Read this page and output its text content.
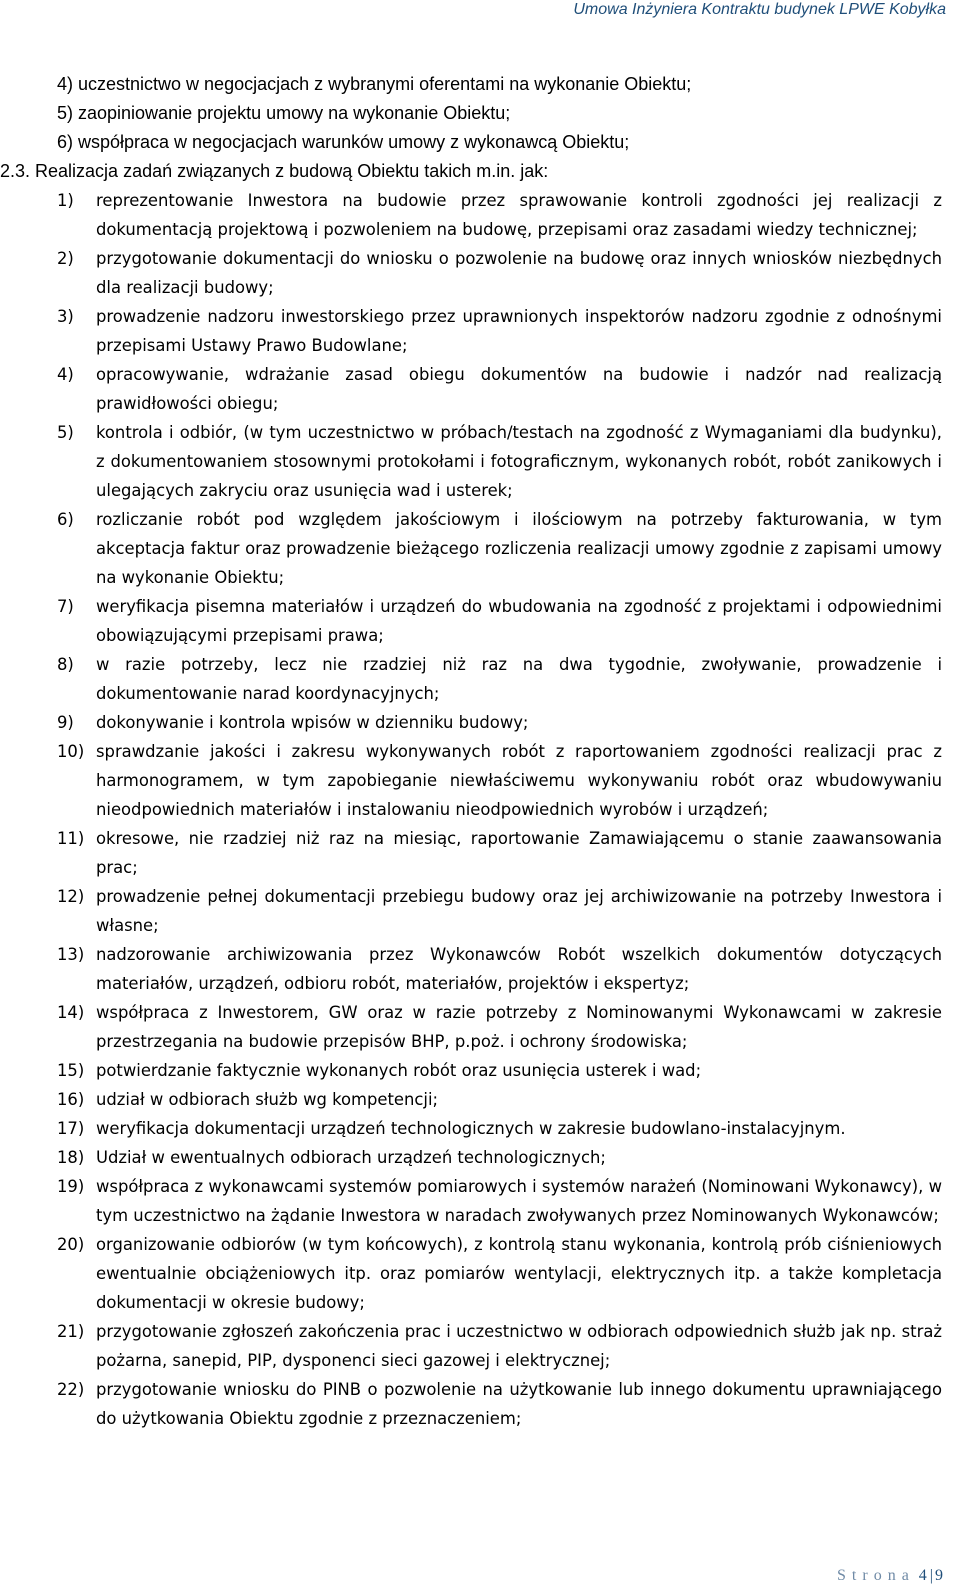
Umowa Inżyniera Kontraktu budynek LPWE Kobyłka
4) uczestnictwo w negocjacjach z wybranymi oferentami na wykonanie Obiektu;
5) zaopiniowanie projektu umowy na wykonanie Obiektu;
6) współpraca w negocjacjach warunków umowy z wykonawcą Obiektu;
2.3. Realizacja zadań związanych z budową Obiektu takich m.in. jak:
1)	reprezentowanie Inwestora na budowie przez sprawowanie kontroli zgodności jej realizacji z dokumentacją projektową i pozwoleniem na budowę, przepisami oraz zasadami wiedzy technicznej;
2)	przygotowanie dokumentacji do wniosku o pozwolenie na budowę oraz innych wniosków niezbędnych dla realizacji budowy;
3)	prowadzenie nadzoru inwestorskiego przez uprawnionych inspektorów nadzoru zgodnie z odnośnymi przepisami Ustawy Prawo Budowlane;
4)	opracowywanie, wdrażanie zasad obiegu dokumentów na budowie i nadzór nad realizacją prawidłowości obiegu;
5)	kontrola i odbiór, (w tym uczestnictwo w próbach/testach na zgodność z Wymaganiami dla budynku), z dokumentowaniem stosownymi protokołami i fotograficznym, wykonanych robót, robót zanikowych i ulegających zakryciu oraz usunięcia wad i usterek;
6)	rozliczanie robót pod względem jakościowym i ilościowym na potrzeby fakturowania, w tym akceptacja faktur oraz prowadzenie bieżącego rozliczenia realizacji umowy zgodnie z zapisami umowy na wykonanie Obiektu;
7)	weryfikacja pisemna materiałów i urządzeń do wbudowania na zgodność z projektami i odpowiednimi obowiązującymi przepisami prawa;
8)	w razie potrzeby, lecz nie rzadziej niż raz na dwa tygodnie, zwoływanie, prowadzenie i dokumentowanie narad koordynacyjnych;
9)	dokonywanie i kontrola wpisów w dzienniku budowy;
10) sprawdzanie jakości i zakresu wykonywanych robót z raportowaniem zgodności realizacji prac z harmonogramem, w tym zapobieganie niewłaściwemu wykonywaniu robót oraz wbudowywaniu nieodpowiednich materiałów i instalowaniu nieodpowiednich wyrobów i urządzeń;
11) okresowe, nie rzadziej niż raz na miesiąc, raportowanie Zamawiającemu o stanie zaawansowania prac;
12) prowadzenie pełnej dokumentacji przebiegu budowy oraz jej archiwizowanie na potrzeby Inwestora i własne;
13) nadzorowanie archiwizowania przez Wykonawców Robót wszelkich dokumentów dotyczących materiałów, urządzeń, odbioru robót, materiałów, projektów i ekspertyz;
14) współpraca z Inwestorem, GW oraz w razie potrzeby z Nominowanymi Wykonawcami w zakresie przestrzegania na budowie przepisów BHP, p.poż. i ochrony środowiska;
15) potwierdzanie faktycznie wykonanych robót oraz usunięcia usterek i wad;
16) udział w odbiorach służb wg kompetencji;
17) weryfikacja dokumentacji urządzeń technologicznych w zakresie budowlano-instalacyjnym.
18) Udział w ewentualnych odbiorach urządzeń technologicznych;
19) współpraca z wykonawcami systemów pomiarowych i systemów narażeń (Nominowani Wykonawcy), w tym uczestnictwo na żądanie Inwestora w naradach zwoływanych przez Nominowanych Wykonawców;
20) organizowanie odbiorów (w tym końcowych), z kontrolą stanu wykonania, kontrolą prób ciśnieniowych ewentualnie obciążeniowych itp. oraz pomiarów wentylacji, elektrycznych itp. a także kompletacja dokumentacji w okresie budowy;
21) przygotowanie zgłoszeń zakończenia prac i uczestnictwo w odbiorach odpowiednich służb jak np. straż pożarna, sanepid, PIP, dysponenci sieci gazowej i elektrycznej;
22) przygotowanie wniosku do PINB o pozwolenie na użytkowanie lub innego dokumentu uprawniającego do użytkowania Obiektu zgodnie z przeznaczeniem;
Strona 4 | 9
